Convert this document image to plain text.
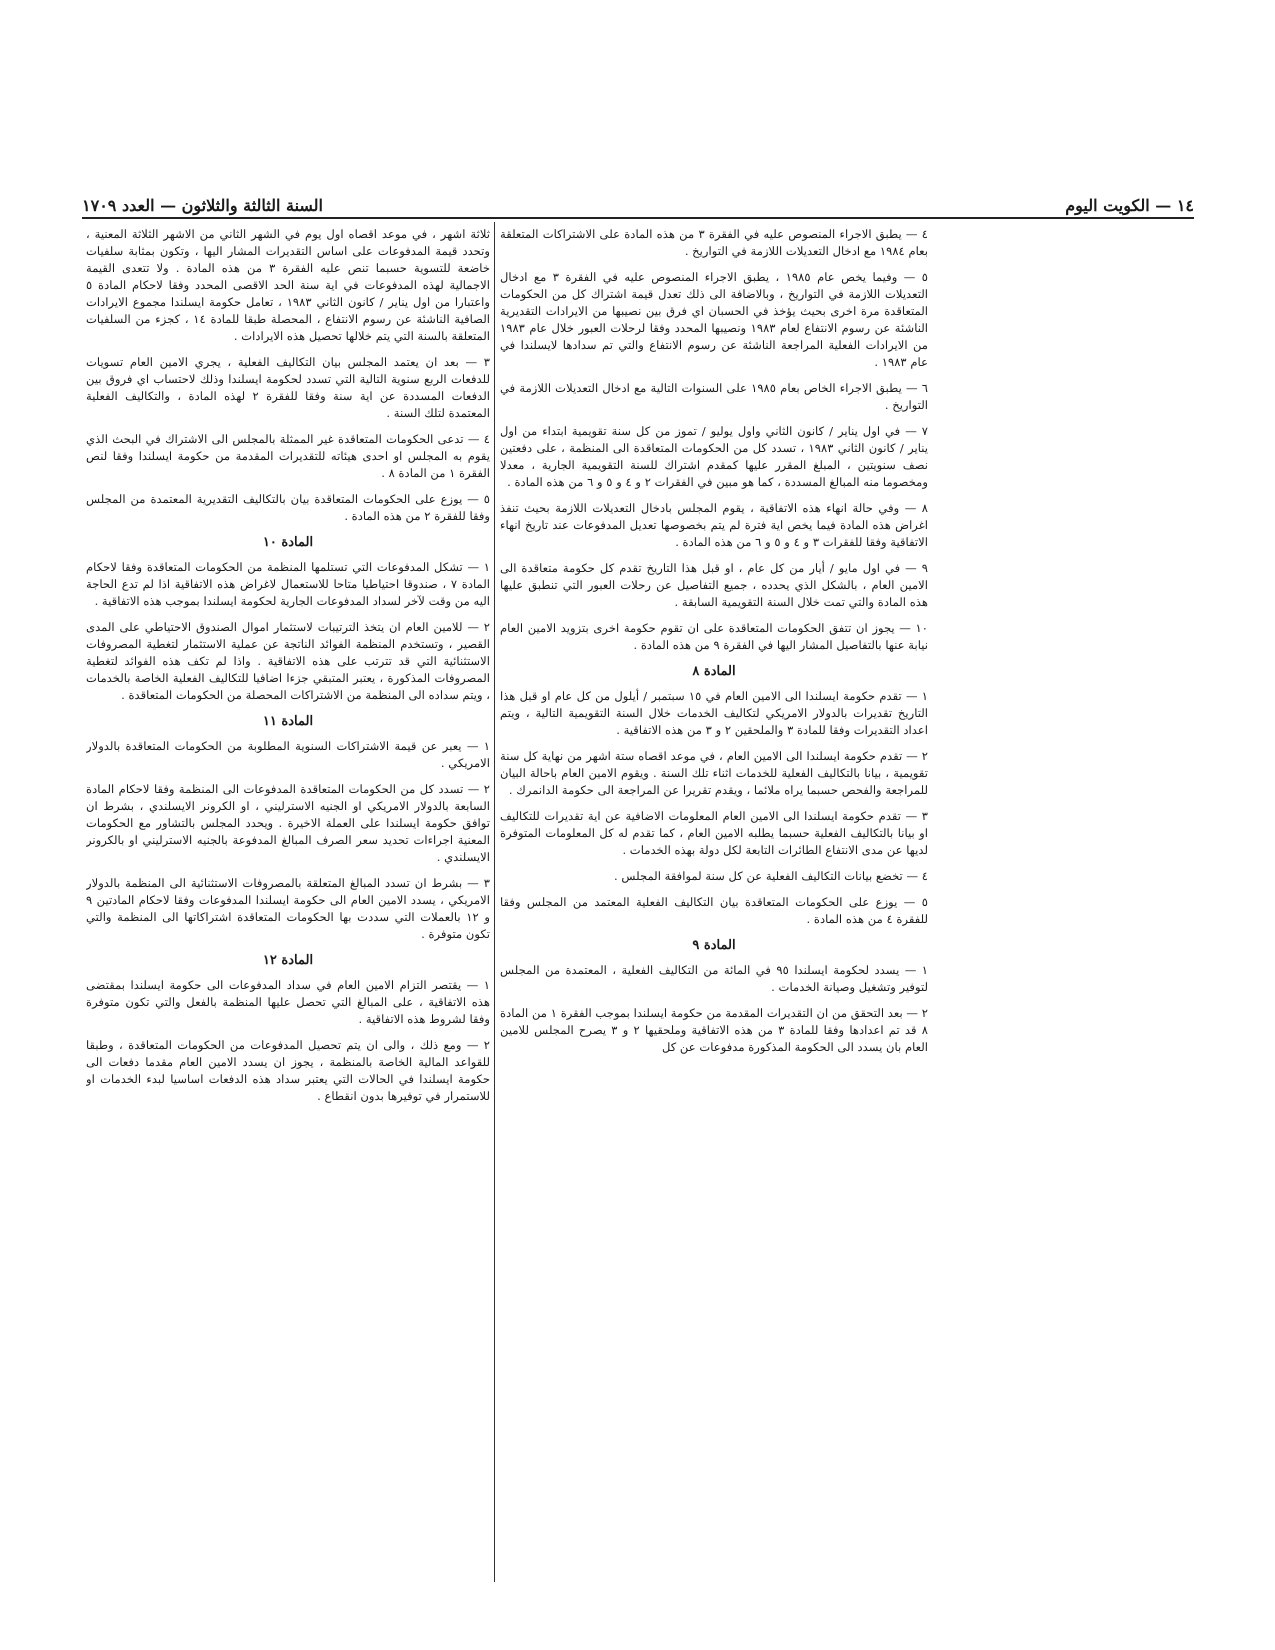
١٤ — الكويت اليوم
السنة الثالثة والثلاثون — العدد ١٧٠٩
٤ — يطبق الاجراء المنصوص عليه في الفقرة ٣ من هذه المادة على الاشتراكات المتعلقة بعام ١٩٨٤ مع ادخال التعديلات اللازمة في التواريخ .
٥ — وفيما يخص عام ١٩٨٥ ، يطبق الاجراء المنصوص عليه في الفقرة ٣ مع ادخال التعديلات اللازمة في التواريخ ، وبالاضافة الى ذلك تعدل قيمة اشتراك كل من الحكومات المتعاقدة مرة اخرى بحيث يؤخذ في الحسبان اي فرق بين نصيبها من الايرادات التقديرية الناشئة عن رسوم الانتفاع لعام ١٩٨٣ ونصيبها المحدد وفقا لرحلات العبور خلال عام ١٩٨٣ من الايرادات الفعلية المراجعة الناشئة عن رسوم الانتفاع والتي تم سدادها لايسلندا في عام ١٩٨٣ .
٦ — يطبق الاجراء الخاص بعام ١٩٨٥ على السنوات التالية مع ادخال التعديلات اللازمة في التواريخ .
٧ — في اول يناير / كانون الثاني واول يوليو / تموز من كل سنة تقويمية ابتداء من اول يناير / كانون الثاني ١٩٨٣ ، تسدد كل من الحكومات المتعاقدة الى المنظمة ، على دفعتين نصف سنويتين ، المبلغ المقرر عليها كمقدم اشتراك للسنة التقويمية الجارية ، معدلا ومخصوما منه المبالغ المسددة ، كما هو مبين في الفقرات ٢ و ٤ و ٥ و ٦ من هذه المادة .
٨ — وفي حالة انهاء هذه الاتفاقية ، يقوم المجلس بادخال التعديلات اللازمة بحيث تنفذ اغراض هذه المادة فيما يخص اية فترة لم يتم بخصوصها تعديل المدفوعات عند تاريخ انهاء الاتفاقية وفقا للفقرات ٣ و ٤ و ٥ و ٦ من هذه المادة .
٩ — في اول مايو / أيار من كل عام ، او قبل هذا التاريخ تقدم كل حكومة متعاقدة الى الامين العام ، بالشكل الذي يحدده ، جميع التفاصيل عن رحلات العبور التي تنطبق عليها هذه المادة والتي تمت خلال السنة التقويمية السابقة .
١٠ — يجوز ان تتفق الحكومات المتعاقدة على ان تقوم حكومة اخرى بتزويد الامين العام نيابة عنها بالتفاصيل المشار اليها في الفقرة ٩ من هذه المادة .
المادة ٨
١ — تقدم حكومة ايسلندا الى الامين العام في ١٥ سبتمبر / أيلول من كل عام او قبل هذا التاريخ تقديرات بالدولار الامريكي لتكاليف الخدمات خلال السنة التقويمية التالية ، ويتم اعداد التقديرات وفقا للمادة ٣ والملحقين ٢ و ٣ من هذه الاتفاقية .
٢ — تقدم حكومة ايسلندا الى الامين العام ، في موعد اقصاه ستة اشهر من نهاية كل سنة تقويمية ، بيانا بالتكاليف الفعلية للخدمات اثناء تلك السنة . ويقوم الامين العام باحالة البيان للمراجعة والفحص حسبما يراه ملائما ، ويقدم تقريرا عن المراجعة الى حكومة الدانمرك .
٣ — تقدم حكومة ايسلندا الى الامين العام المعلومات الاضافية عن اية تقديرات للتكاليف او بيانا بالتكاليف الفعلية حسبما يطلبه الامين العام ، كما تقدم له كل المعلومات المتوفرة لديها عن مدى الانتفاع الطائرات التابعة لكل دولة بهذه الخدمات .
٤ — تخضع بيانات التكاليف الفعلية عن كل سنة لموافقة المجلس .
٥ — يوزع على الحكومات المتعاقدة بيان التكاليف الفعلية المعتمد من المجلس وفقا للفقرة ٤ من هذه المادة .
المادة ٩
١ — يسدد لحكومة ايسلندا ٩٥ في المائة من التكاليف الفعلية ، المعتمدة من المجلس لتوفير وتشغيل وصيانة الخدمات .
٢ — بعد التحقق من ان التقديرات المقدمة من حكومة ايسلندا بموجب الفقرة ١ من المادة ٨ قد تم اعدادها وفقا للمادة ٣ من هذه الاتفاقية وملحقيها ٢ و ٣ يصرح المجلس للامين العام بان يسدد الى الحكومة المذكورة مدفوعات عن كل
ثلاثة اشهر ، في موعد اقصاه اول يوم في الشهر الثاني من الاشهر الثلاثة المعنية ، وتحدد قيمة المدفوعات على اساس التقديرات المشار اليها ، وتكون بمثابة سلفيات خاضعة للتسوية حسبما تنص عليه الفقرة ٣ من هذه المادة . ولا تتعدى القيمة الاجمالية لهذه المدفوعات في اية سنة الحد الاقصى المحدد وفقا لاحكام المادة ٥ واعتبارا من اول يناير / كانون الثاني ١٩٨٣ ، تعامل حكومة ايسلندا مجموع الايرادات الصافية الناشئة عن رسوم الانتفاع ، المحصلة طبقا للمادة ١٤ ، كجزء من السلفيات المتعلقة بالسنة التي يتم خلالها تحصيل هذه الايرادات .
٣ — بعد ان يعتمد المجلس بيان التكاليف الفعلية ، يجري الامين العام تسويات للدفعات الربع سنوية التالية التي تسدد لحكومة ايسلندا وذلك لاحتساب اي فروق بين الدفعات المسددة عن اية سنة وفقا للفقرة ٢ لهذه المادة ، والتكاليف الفعلية المعتمدة لتلك السنة .
٤ — تدعى الحكومات المتعاقدة غير الممثلة بالمجلس الى الاشتراك في البحث الذي يقوم به المجلس او احدى هيئاته للتقديرات المقدمة من حكومة ايسلندا وفقا لنص الفقرة ١ من المادة ٨ .
٥ — يوزع على الحكومات المتعاقدة بيان بالتكاليف التقديرية المعتمدة من المجلس وفقا للفقرة ٢ من هذه المادة .
المادة ١٠
١ — تشكل المدفوعات التي تستلمها المنظمة من الحكومات المتعاقدة وفقا لاحكام المادة ٧ ، صندوقا احتياطيا متاحا للاستعمال لاغراض هذه الاتفاقية اذا لم تدع الحاجة اليه من وقت لآخر لسداد المدفوعات الجارية لحكومة ايسلندا بموجب هذه الاتفاقية .
٢ — للامين العام ان يتخذ الترتيبات لاستثمار اموال الصندوق الاحتياطي على المدى القصير ، وتستخدم المنظمة الفوائد الناتجة عن عملية الاستثمار لتغطية المصروفات الاستثنائية التي قد تترتب على هذه الاتفاقية . واذا لم تكف هذه الفوائد لتغطية المصروفات المذكورة ، يعتبر المتبقي جزءا اضافيا للتكاليف الفعلية الخاصة بالخدمات ، ويتم سداده الى المنظمة من الاشتراكات المحصلة من الحكومات المتعاقدة .
المادة ١١
١ — يعبر عن قيمة الاشتراكات السنوية المطلوبة من الحكومات المتعاقدة بالدولار الامريكي .
٢ — تسدد كل من الحكومات المتعاقدة المدفوعات الى المنظمة وفقا لاحكام المادة السابعة بالدولار الامريكي او الجنيه الاسترليني ، او الكرونر الايسلندي ، بشرط ان توافق حكومة ايسلندا على العملة الاخيرة . ويحدد المجلس بالتشاور مع الحكومات المعنية اجراءات تحديد سعر الصرف المبالغ المدفوعة بالجنيه الاسترليني او بالكرونر الايسلندي .
٣ — بشرط ان تسدد المبالغ المتعلقة بالمصروفات الاستثنائية الى المنظمة بالدولار الامريكي ، يسدد الامين العام الى حكومة ايسلندا المدفوعات وفقا لاحكام المادتين ٩ و ١٢ بالعملات التي سددت بها الحكومات المتعاقدة اشتراكاتها الى المنظمة والتي تكون متوفرة .
المادة ١٢
١ — يقتصر التزام الامين العام في سداد المدفوعات الى حكومة ايسلندا بمقتضى هذه الاتفاقية ، على المبالغ التي تحصل عليها المنظمة بالفعل والتي تكون متوفرة وفقا لشروط هذه الاتفاقية .
٢ — ومع ذلك ، والى ان يتم تحصيل المدفوعات من الحكومات المتعاقدة ، وطبقا للقواعد المالية الخاصة بالمنظمة ، يجوز ان يسدد الامين العام مقدما دفعات الى حكومة ايسلندا في الحالات التي يعتبر سداد هذه الدفعات اساسيا لبدء الخدمات او للاستمرار في توفيرها بدون انقطاع .
